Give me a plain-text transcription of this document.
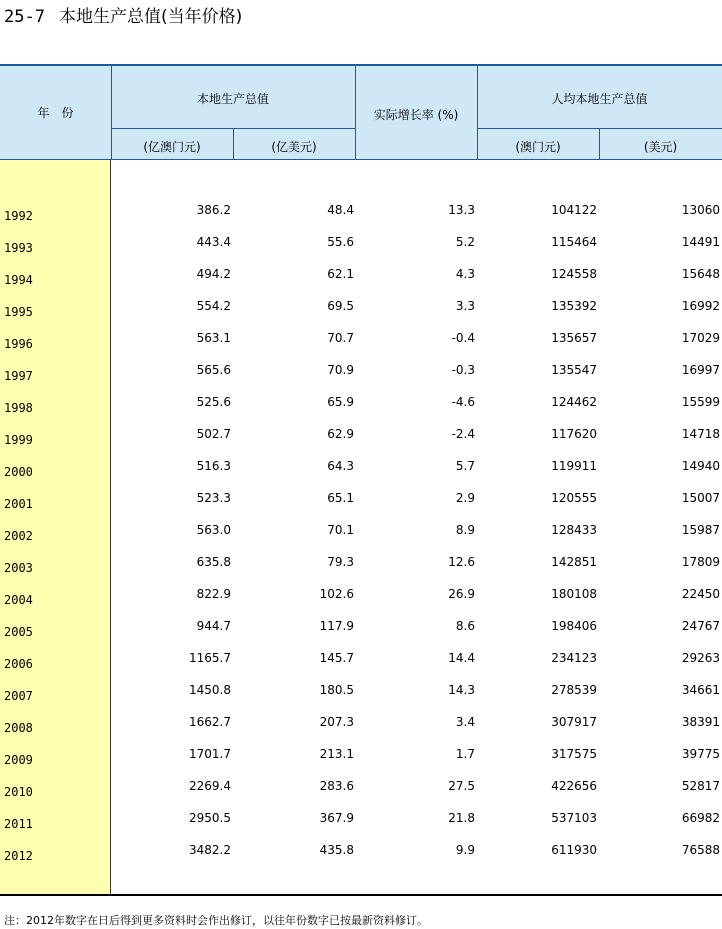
25-7 本地生产总值(当年价格)
年　份
本地生产总值
(亿澳门元)	(亿美元)
实际增长率 (%)
人均本地生产总值
(澳门元)	(美元)
1992	386.2	48.4	13.3	104122	13060
1993	443.4	55.6	5.2	115464	14491
1994	494.2	62.1	4.3	124558	15648
1995	554.2	69.5	3.3	135392	16992
1996	563.1	70.7	-0.4	135657	17029
1997	565.6	70.9	-0.3	135547	16997
1998	525.6	65.9	-4.6	124462	15599
1999	502.7	62.9	-2.4	117620	14718
2000	516.3	64.3	5.7	119911	14940
2001	523.3	65.1	2.9	120555	15007
2002	563.0	70.1	8.9	128433	15987
2003	635.8	79.3	12.6	142851	17809
2004	822.9	102.6	26.9	180108	22450
2005	944.7	117.9	8.6	198406	24767
2006	1165.7	145.7	14.4	234123	29263
2007	1450.8	180.5	14.3	278539	34661
2008	1662.7	207.3	3.4	307917	38391
2009	1701.7	213.1	1.7	317575	39775
2010	2269.4	283.6	27.5	422656	52817
2011	2950.5	367.9	21.8	537103	66982
2012	3482.2	435.8	9.9	611930	76588
注：2012年数字在日后得到更多资料时会作出修订，以往年份数字已按最新资料修订。
